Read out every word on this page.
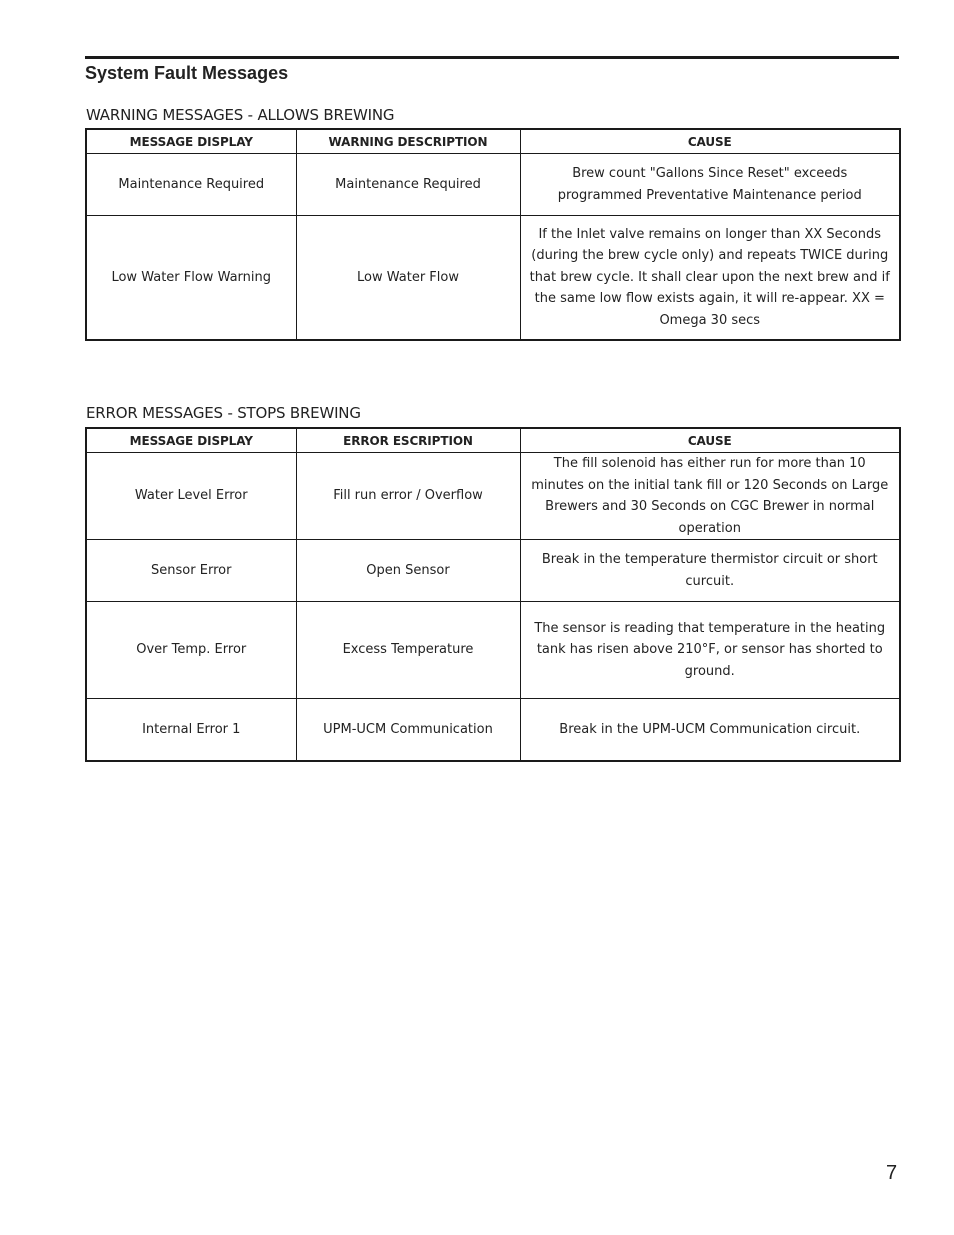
System Fault Messages
WARNING MESSAGES - ALLOWS BREWING
MESSAGE DISPLAY	WARNING DESCRIPTION	CAUSE
Maintenance Required	Maintenance Required	Brew count "Gallons Since Reset" exceeds programmed Preventative Maintenance period
Low Water Flow Warning	Low Water Flow	If the Inlet valve remains on longer than XX Seconds (during the brew cycle only) and repeats TWICE during that brew cycle. It shall clear upon the next brew and if the same low flow exists again, it will re-appear. XX = Omega 30 secs
ERROR MESSAGES - STOPS BREWING
MESSAGE DISPLAY	ERROR ESCRIPTION	CAUSE
Water Level Error	Fill run error / Overflow	The fill solenoid has either run for more than 10 minutes on the initial tank fill or 120 Seconds on Large Brewers and 30 Seconds on CGC Brewer in normal operation
Sensor Error	Open Sensor	Break in the temperature thermistor circuit or short curcuit.
Over Temp. Error	Excess Temperature	The sensor is reading that temperature in the heating tank has risen above 210°F, or sensor has shorted to ground.
Internal Error 1	UPM-UCM Communication	Break in the UPM-UCM Communication circuit.
7
